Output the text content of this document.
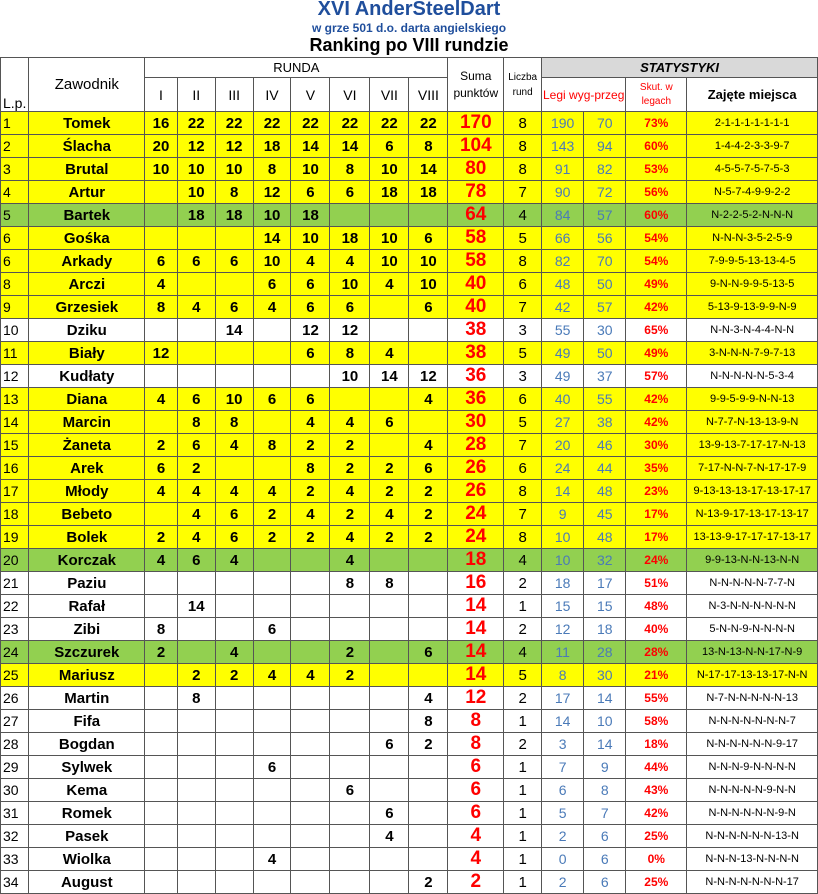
XVI AnderSteelDart
w grze 501 d.o. darta angielskiego
Ranking po VIII rundzie
L.p.	Zawodnik	RUNDA								Suma punktów	Liczba rund	STATYSTYKI			
		I	II	III	IV	V	VI	VII	VIII			Legi wyg-przeg		Skut. w legach	Zajęte miejsca
1	Tomek	16	22	22	22	22	22	22	22	170	8	190	70	73%	2-1-1-1-1-1-1-1
2	Ślacha	20	12	12	18	14	14	6	8	104	8	143	94	60%	1-4-4-2-3-3-9-7
3	Brutal	10	10	10	8	10	8	10	14	80	8	91	82	53%	4-5-5-7-5-7-5-3
4	Artur		10	8	12	6	6	18	18	78	7	90	72	56%	N-5-7-4-9-9-2-2
5	Bartek		18	18	10	18				64	4	84	57	60%	N-2-2-5-2-N-N-N
6	Gośka				14	10	18	10	6	58	5	66	56	54%	N-N-N-3-5-2-5-9
6	Arkady	6	6	6	10	4	4	10	10	58	8	82	70	54%	7-9-9-5-13-13-4-5
8	Arczi	4			6	6	10	4	10	40	6	48	50	49%	9-N-N-9-9-5-13-5
9	Grzesiek	8	4	6	4	6	6		6	40	7	42	57	42%	5-13-9-13-9-9-N-9
10	Dziku			14		12	12			38	3	55	30	65%	N-N-3-N-4-4-N-N
11	Biały	12				6	8	4		38	5	49	50	49%	3-N-N-N-7-9-7-13
12	Kudłaty						10	14	12	36	3	49	37	57%	N-N-N-N-N-5-3-4
13	Diana	4	6	10	6	6			4	36	6	40	55	42%	9-9-5-9-9-N-N-13
14	Marcin		8	8		4	4	6		30	5	27	38	42%	N-7-7-N-13-13-9-N
15	Żaneta	2	6	4	8	2	2		4	28	7	20	46	30%	13-9-13-7-17-17-N-13
16	Arek	6	2			8	2	2	6	26	6	24	44	35%	7-17-N-N-7-N-17-17-9
17	Młody	4	4	4	4	2	4	2	2	26	8	14	48	23%	9-13-13-13-17-13-17-17
18	Bebeto		4	6	2	4	2	4	2	24	7	9	45	17%	N-13-9-17-13-17-13-17
19	Bolek	2	4	6	2	2	4	2	2	24	8	10	48	17%	13-13-9-17-17-17-13-17
20	Korczak	4	6	4			4			18	4	10	32	24%	9-9-13-N-N-13-N-N
21	Paziu						8	8		16	2	18	17	51%	N-N-N-N-N-7-7-N
22	Rafał		14							14	1	15	15	48%	N-3-N-N-N-N-N-N
23	Zibi	8			6					14	2	12	18	40%	5-N-N-9-N-N-N-N
24	Szczurek	2		4			2		6	14	4	11	28	28%	13-N-13-N-N-17-N-9
25	Mariusz		2	2	4	4	2			14	5	8	30	21%	N-17-17-13-13-17-N-N
26	Martin		8						4	12	2	17	14	55%	N-7-N-N-N-N-N-13
27	Fifa								8	8	1	14	10	58%	N-N-N-N-N-N-N-7
28	Bogdan							6	2	8	2	3	14	18%	N-N-N-N-N-N-9-17
29	Sylwek				6					6	1	7	9	44%	N-N-N-9-N-N-N-N
30	Kema						6			6	1	6	8	43%	N-N-N-N-N-9-N-N
31	Romek							6		6	1	5	7	42%	N-N-N-N-N-N-9-N
32	Pasek							4		4	1	2	6	25%	N-N-N-N-N-N-13-N
33	Wiolka				4					4	1	0	6	0%	N-N-N-13-N-N-N-N
34	August								2	2	1	2	6	25%	N-N-N-N-N-N-N-17
